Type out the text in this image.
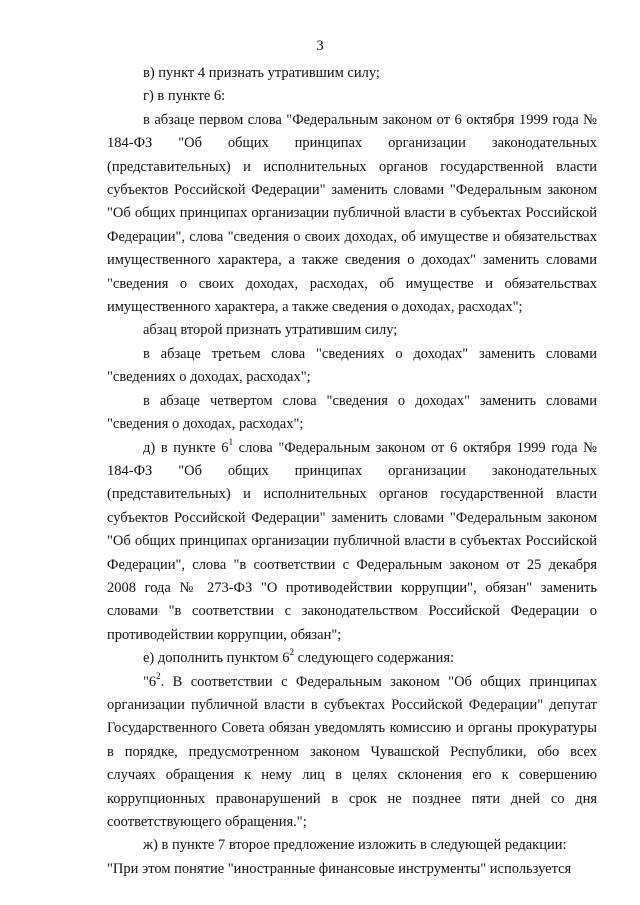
3

в) пункт 4 признать утратившим силу;

г) в пункте 6:

в абзаце первом слова "Федеральным законом от 6 октября 1999 года № 184-ФЗ "Об общих принципах организации законодательных (представительных) и исполнительных органов государственной власти субъектов Российской Федерации" заменить словами "Федеральным законом "Об общих принципах организации публичной власти в субъектах Российской Федерации", слова "сведения о своих доходах, об имуществе и обязательствах имущественного характера, а также сведения о доходах" заменить словами "сведения о своих доходах, расходах, об имуществе и обязательствах имущественного характера, а также сведения о доходах, расходах";

абзац второй признать утратившим силу;

в абзаце третьем слова "сведениях о доходах" заменить словами "сведениях о доходах, расходах";

в абзаце четвертом слова "сведения о доходах" заменить словами "сведения о доходах, расходах";

д) в пункте $6^1$ слова "Федеральным законом от 6 октября 1999 года № 184-ФЗ "Об общих принципах организации законодательных (представительных) и исполнительных органов государственной власти субъектов Российской Федерации" заменить словами "Федеральным законом "Об общих принципах организации публичной власти в субъектах Российской Федерации", слова "в соответствии с Федеральным законом от 25 декабря 2008 года № 273-ФЗ "О противодействии коррупции", обязан" заменить словами "в соответствии с законодательством Российской Федерации о противодействии коррупции, обязан";

е) дополнить пунктом $6^2$ следующего содержания:

"$6^2$. В соответствии с Федеральным законом "Об общих принципах организации публичной власти в субъектах Российской Федерации" депутат Государственного Совета обязан уведомлять комиссию и органы прокуратуры в порядке, предусмотренном законом Чувашской Республики, обо всех случаях обращения к нему лиц в целях склонения его к совершению коррупционных правонарушений в срок не позднее пяти дней со дня соответствующего обращения.";

ж) в пункте 7 второе предложение изложить в следующей редакции:

"При этом понятие "иностранные финансовые инструменты" используется
